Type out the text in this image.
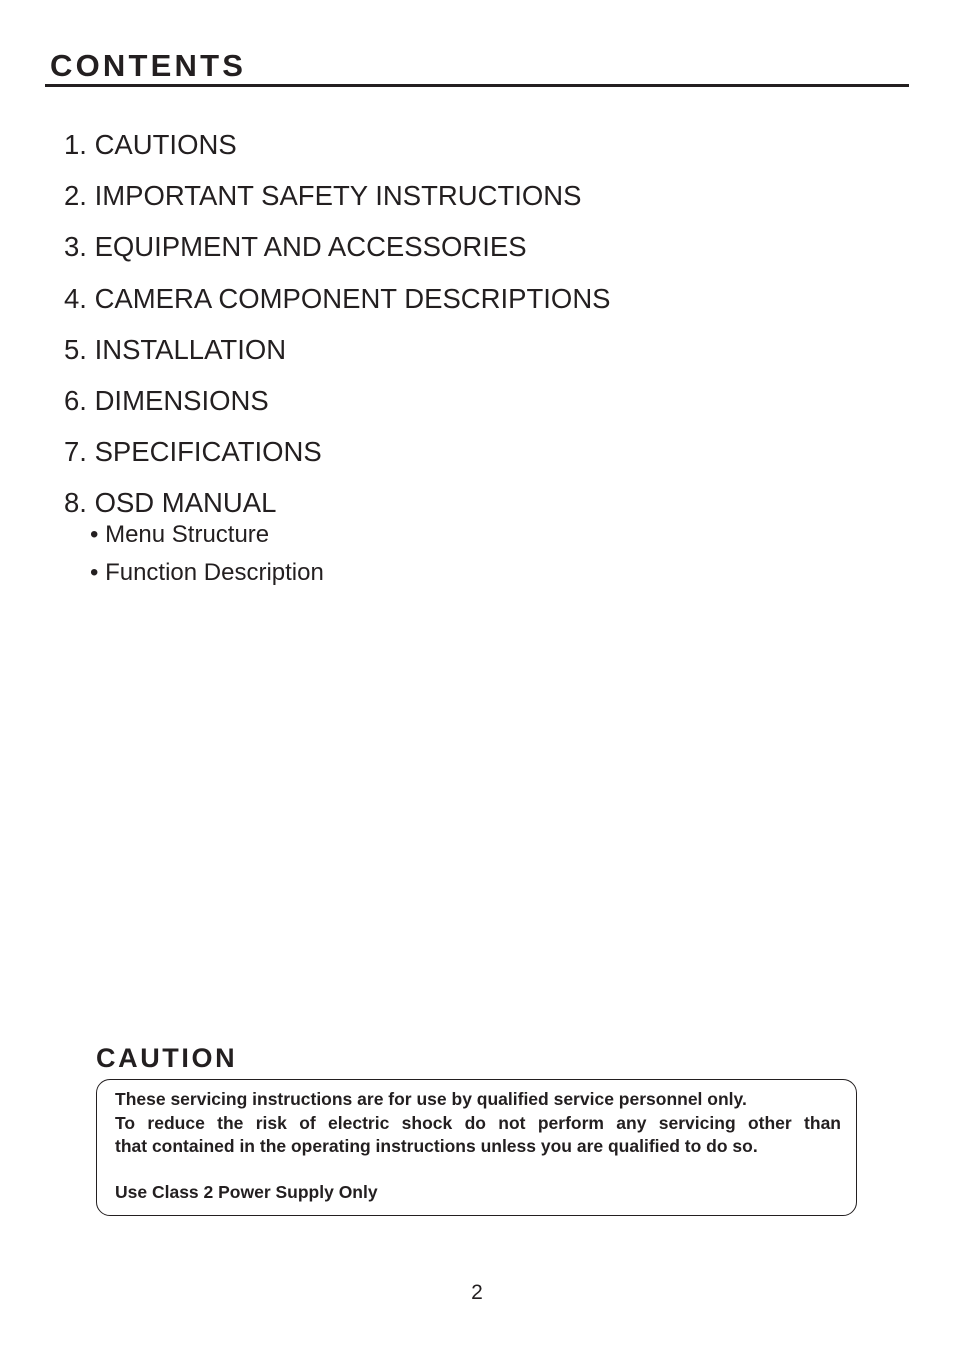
CONTENTS
1. CAUTIONS
2. IMPORTANT SAFETY INSTRUCTIONS
3. EQUIPMENT AND ACCESSORIES
4. CAMERA COMPONENT DESCRIPTIONS
5. INSTALLATION
6. DIMENSIONS
7. SPECIFICATIONS
8. OSD MANUAL
• Menu Structure
• Function Description
CAUTION
These servicing instructions are for use by qualified service personnel only.
To reduce the risk of electric shock do not perform any servicing other than
that contained in the operating instructions unless you are qualified to do so.
Use Class 2 Power Supply Only
2
